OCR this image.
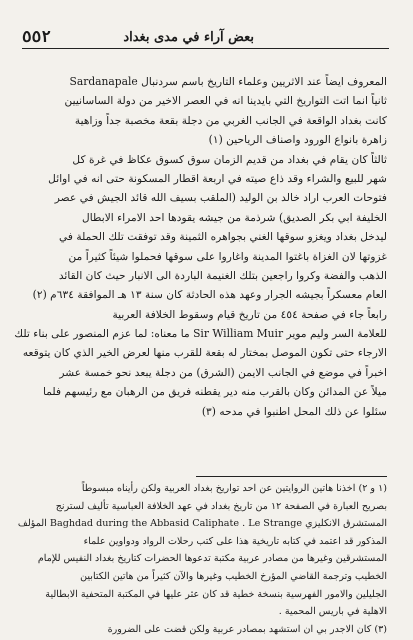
٥٥٢	بعض آراء في مدى بغداد
المعروف ايضاً عند الاثريين وعلماء التاريخ باسم سردنبال Sardanapale
ثانياً انما اتت التواريخ التي بايدينا انه في العصر الاخير من دولة الساسانيين
كانت بغداد الواقعة في الجانب الغربي من دجلة بقعة مخصبة جداً وزاهية
زاهرة بانواع الورود واصناف الرياحين (١)
ثالثاً كان يقام في بغداد من قديم الزمان سوق كسوق عكاظ في غرة كل
شهر للبيع والشراء وقد ذاع صيته في اربعة اقطار المسكونة حتى انه في اوائل
فتوحات العرب اراد خالد بن الوليد (الملقب بسيف الله قائد الجيش في عصر
الخليفة ابي بكر الصديق) شرذمة من جيشه يقودها احد الامراء الابطال
ليدخل بغداد ويغزو سوقها الغني بجواهره الثمينة وقد توفقت تلك الحملة في
غزوتها لان الغزاة باغتوا المدينة واغاروا على سوقها فحملوا شيئاً كثيراً من
الذهب والفضة وكروا راجعين بتلك الغنيمة الباردة الى الانبار حيث كان القائد
العام معسكراً بجيشه الجرار وعهد هذه الحادثة كان سنة ١٣ هـ الموافقة ٦٣٤م (٢)
رابعاً جاء في صفحة ٤٥٤ من تاريخ قيام وسقوط الخلافة العربية
للعلامة السر وليم موير Sir William Muir ما معناه: لما عزم المنصور على بناء تلك
الارجاء حتى تكون الموصل بمختار له بقعة للقرب منها لعرض الخير الذي كان يتوقعه
اخبراً في موضع في الجانب الايمن (الشرق) من دجلة يبعد نحو خمسة عشر
ميلاً عن المدائن وكان بالقرب منه دير يقطنه فريق من الرهبان مع رئيسهم فلما
سئلوا عن ذلك المحل اطنبوا في مدحه (٣)
(١ و ٢) اخذنا هاتين الروايتين عن احد تواريخ بغداد العربية ولكن رأيناه مبسوطاً
بصريح العبارة في الصفحة ١٢ من تاريخ بغداد في عهد الخلافة العباسية تأليف لسترنج
المستشرق الانكليزي Baghdad during the Abbasid Caliphate . Le Strange المؤلف
المذكور قد اعتمد في كتابه تاريخية هذا على كتب رحلات الرواد ودواوين علماء
المستشرقين وغيرها من مصادر عربية مكتبة تدعوها الحضرات كتاريخ بغداد النفيس للإمام
الخطيب وترجمة القاضي المؤرخ الخطيب وغيرها والآن كثيراً من هاتين الكتابين
الجليلين والامور الفهرسية بنسخة خطية قد كان عثر عليها في المكتبة المتحفية الابطالية
الاهلية في باريس المحمية .
(٣) كان الاجدر بي ان استشهد بمصادر عربية ولكن قضت على الضرورة
